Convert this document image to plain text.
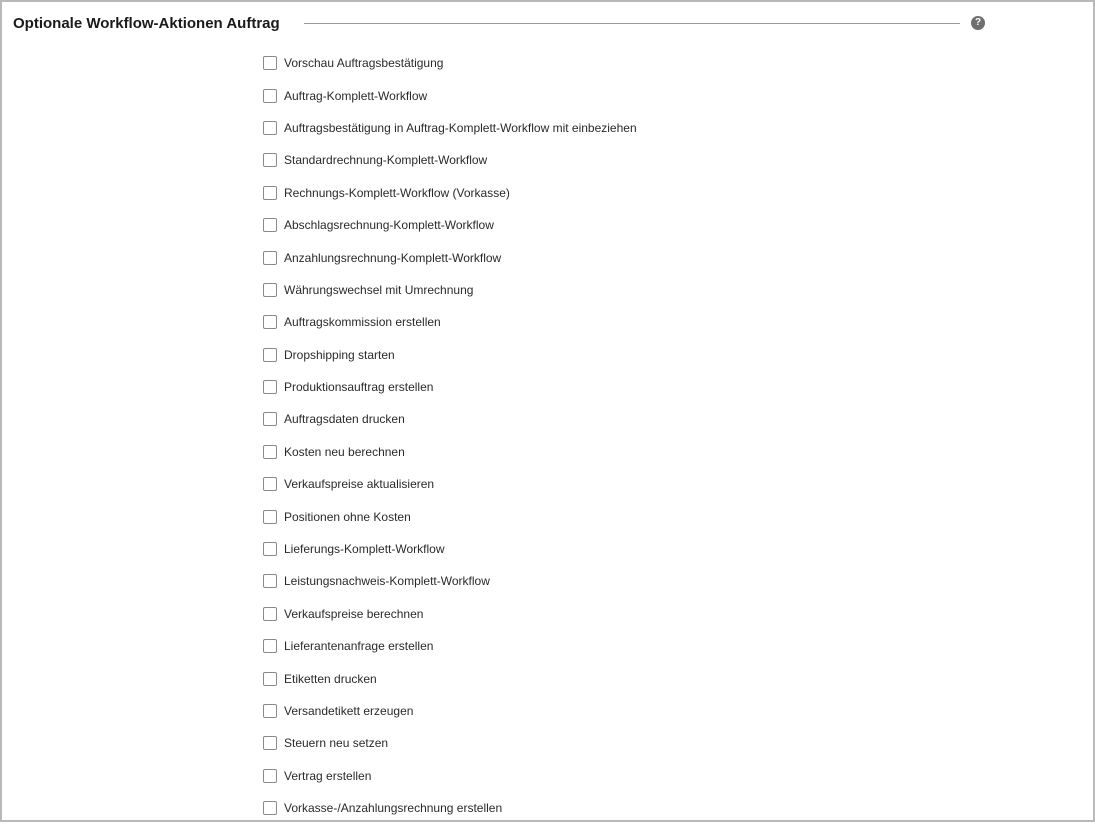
Optionale Workflow-Aktionen Auftrag	?
Vorschau Auftragsbestätigung
Auftrag-Komplett-Workflow
Auftragsbestätigung in Auftrag-Komplett-Workflow mit einbeziehen
Standardrechnung-Komplett-Workflow
Rechnungs-Komplett-Workflow (Vorkasse)
Abschlagsrechnung-Komplett-Workflow
Anzahlungsrechnung-Komplett-Workflow
Währungswechsel mit Umrechnung
Auftragskommission erstellen
Dropshipping starten
Produktionsauftrag erstellen
Auftragsdaten drucken
Kosten neu berechnen
Verkaufspreise aktualisieren
Positionen ohne Kosten
Lieferungs-Komplett-Workflow
Leistungsnachweis-Komplett-Workflow
Verkaufspreise berechnen
Lieferantenanfrage erstellen
Etiketten drucken
Versandetikett erzeugen
Steuern neu setzen
Vertrag erstellen
Vorkasse-/Anzahlungsrechnung erstellen
